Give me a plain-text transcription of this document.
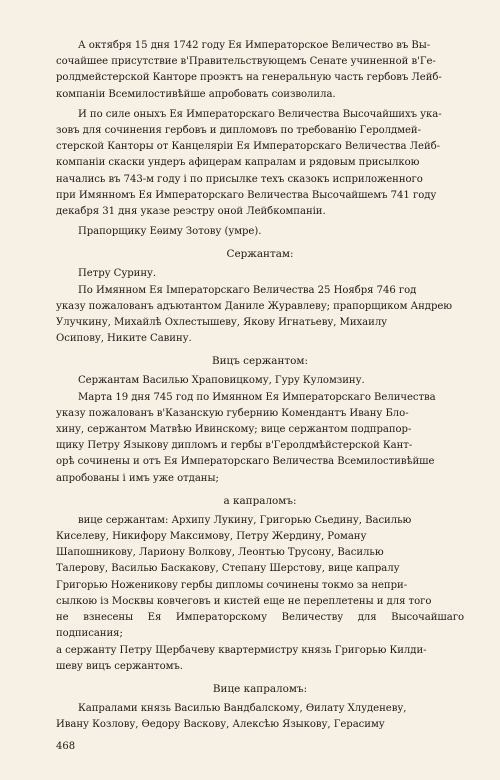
А октября 15 дня 1742 году Ея Императорское Величество въ Вы-
сочайшее присутствие в'Правительствующемъ Сенате учиненной в'Ге-
ролдмейстерской Канторе проэктъ на генеральную часть гербовъ Лейб-
компаніи Всемилостивѣйше апробовать соизволила.

И по силе оныхъ Ея Императорскаго Величества Высочайшихъ ука-
зовъ для сочинения гербовъ и дипломовъ по требованію Геролдмей-
стерской Канторы от Канцеляріи Ея Императорскаго Величества Лейб-
компаніи скаски ундеръ афицерам капралам и рядовым присылкою
начались въ 743-м году і по присылке техъ сказокъ исприложенного
при Имянномъ Ея Императорскаго Величества Высочайшемъ 741 году
декабря 31 дня указе реэстру оной Лейбкомпаніи.

Прапорщику Еѳиму Зотову (умре).

Сержантам:

Петру Сурину.

По Имянном Ея Імператорскаго Величества 25 Ноября 746 год
указу пожалованъ адъютантом Даниле Журавлеву; прапорщиком Андрею
Улучкину, Михайлѣ Охлестышеву, Якову Игнатьеву, Михаилу
Осипову, Никите Савину.

Вицъ сержантом:

Сержантам Василью Храповицкому, Гуру Куломзину.

Марта 19 дня 745 год по Имянном Ея Императорскаго Величества
указу пожалованъ в'Казанскую губернию Комендантъ Ивану Бло-
хину, сержантом Матвѣю Ивинскому; вице сержантом подпрапор-
щику Петру Языкову дипломъ и гербы в'Геролдмѣйстерской Кант-
орѣ сочинены и отъ Ея Императорскаго Величества Всемилостивѣйше
апробованы і имъ уже отданы;

а капраломъ:

вице сержантам: Архипу Лукину, Григорью Сьедину, Василью
Киселеву, Никифору Максимову, Петру Жердину, Роману
Шапошникову, Лариону Волкову, Леонтью Трусону, Василью
Талерову, Василью Баскакову, Степану Шерстову, вице капралу
Григорью Ноженикову гербы дипломы сочинены токмо за непри-
сылкою із Москвы ковчеговъ и кистей еще не переплетены и для того
не взнесены Ея Императорскому Величеству для Высочайшаго подписания;
а сержанту Петру Щербачеву квартермистру князь Григорью Килди-
шеву вицъ сержантомъ.

Вице капраломъ:

Капралами князь Василью Вандбалскому, Ѳилату Хлуденеву,
Ивану Козлову, Ѳедору Васкову, Алексѣю Языкову, Герасиму

468
